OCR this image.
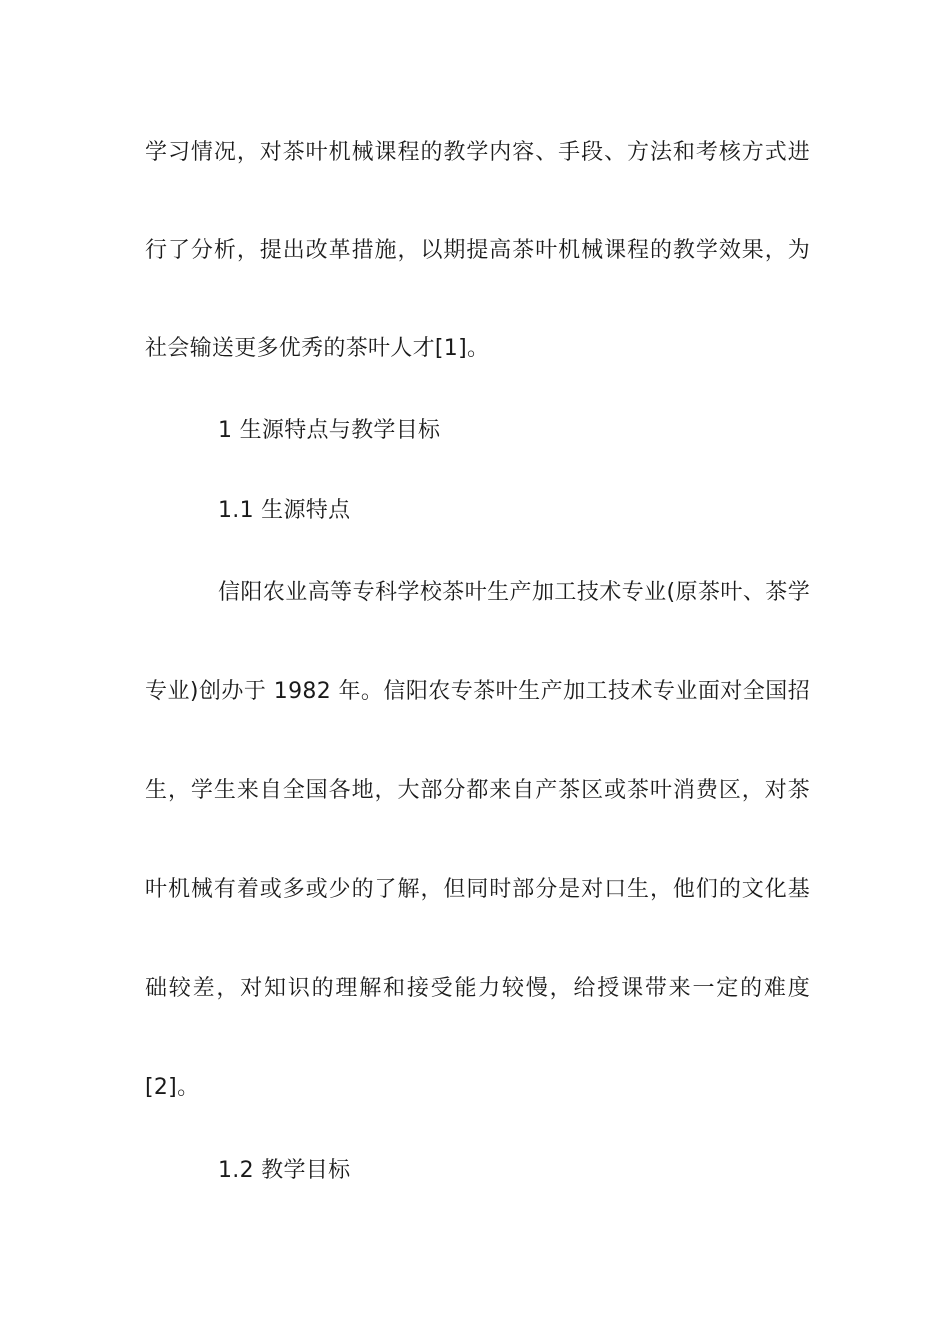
学习情况，对茶叶机械课程的教学内容、手段、方法和考核方式进
行了分析，提出改革措施，以期提高茶叶机械课程的教学效果，为
社会输送更多优秀的茶叶人才[1]。
1 生源特点与教学目标
1.1 生源特点
信阳农业高等专科学校茶叶生产加工技术专业(原茶叶、茶学
专业)创办于 1982 年。信阳农专茶叶生产加工技术专业面对全国招
生，学生来自全国各地，大部分都来自产茶区或茶叶消费区，对茶
叶机械有着或多或少的了解，但同时部分是对口生，他们的文化基
础较差，对知识的理解和接受能力较慢，给授课带来一定的难度
[2]。
1.2 教学目标
